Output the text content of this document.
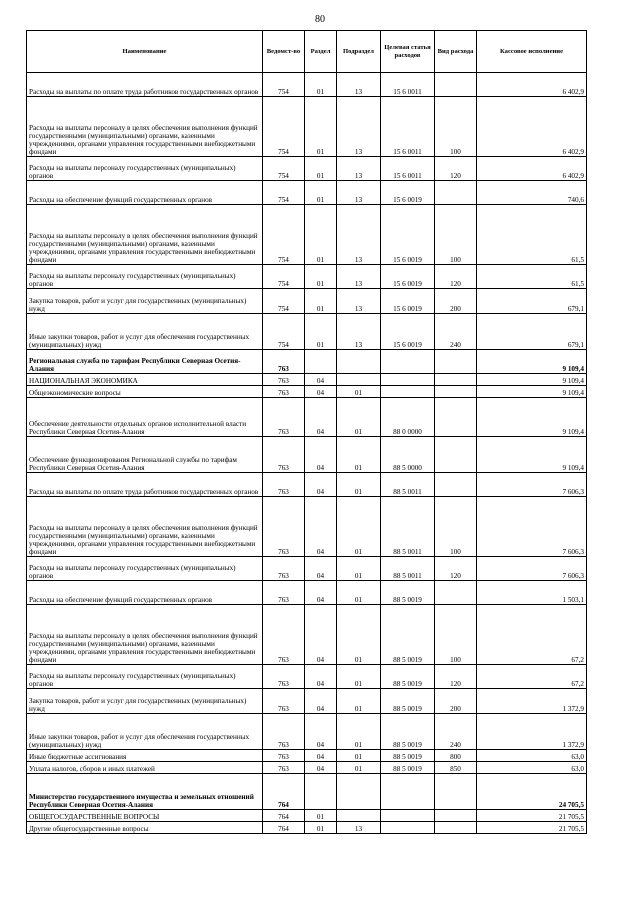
80
Наименование	Ведомст-во	Раздел	Подраздел	Целевая статья расходов	Вид расхода	Кассовое исполнение
Расходы на выплаты по оплате труда работников государственных органов	754	01	13	15 6 0011		6 402,9
Расходы на выплаты персоналу в целях обеспечения выполнения функций государственными (муниципальными) органами, казенными учреждениями, органами управления государственными внебюджетными фондами	754	01	13	15 6 0011	100	6 402,9
Расходы на выплаты персоналу государственных (муниципальных) органов	754	01	13	15 6 0011	120	6 402,9
Расходы на обеспечение функций государственных органов	754	01	13	15 6 0019		740,6
Расходы на выплаты персоналу в целях обеспечения выполнения функций государственными (муниципальными) органами, казенными учреждениями, органами управления государственными внебюджетными фондами	754	01	13	15 6 0019	100	61,5
Расходы на выплаты персоналу государственных (муниципальных) органов	754	01	13	15 6 0019	120	61,5
Закупка товаров, работ и услуг для государственных (муниципальных) нужд	754	01	13	15 6 0019	200	679,1
Иные закупки товаров, работ и услуг для обеспечения государственных (муниципальных) нужд	754	01	13	15 6 0019	240	679,1
Региональная служба по тарифам Республики Северная Осетия-Алания	763					9 109,4
НАЦИОНАЛЬНАЯ ЭКОНОМИКА	763	04				9 109,4
Общеэкономические вопросы	763	04	01			9 109,4
Обеспечение деятельности отдельных органов исполнительной власти Республики Северная Осетия-Алания	763	04	01	88 0 0000		9 109,4
Обеспечение функционирования Региональной службы по тарифам Республики Северная Осетия-Алания	763	04	01	88 5 0000		9 109,4
Расходы на выплаты по оплате труда работников государственных органов	763	04	01	88 5 0011		7 606,3
Расходы на выплаты персоналу в целях обеспечения выполнения функций государственными (муниципальными) органами, казенными учреждениями, органами управления государственными внебюджетными фондами	763	04	01	88 5 0011	100	7 606,3
Расходы на выплаты персоналу государственных (муниципальных) органов	763	04	01	88 5 0011	120	7 606,3
Расходы на обеспечение функций государственных органов	763	04	01	88 5 0019		1 503,1
Расходы на выплаты персоналу в целях обеспечения выполнения функций государственными (муниципальными) органами, казенными учреждениями, органами управления государственными внебюджетными фондами	763	04	01	88 5 0019	100	67,2
Расходы на выплаты персоналу государственных (муниципальных) органов	763	04	01	88 5 0019	120	67,2
Закупка товаров, работ и услуг для государственных (муниципальных) нужд	763	04	01	88 5 0019	200	1 372,9
Иные закупки товаров, работ и услуг для обеспечения государственных (муниципальных) нужд	763	04	01	88 5 0019	240	1 372,9
Иные бюджетные ассигнования	763	04	01	88 5 0019	800	63,0
Уплата налогов, сборов и иных платежей	763	04	01	88 5 0019	850	63,0
Министерство государственного имущества и земельных отношений Республики Северная Осетия-Алания	764					24 705,5
ОБЩЕГОСУДАРСТВЕННЫЕ ВОПРОСЫ	764	01				21 705,5
Другие общегосударственные вопросы	764	01	13			21 705,5
